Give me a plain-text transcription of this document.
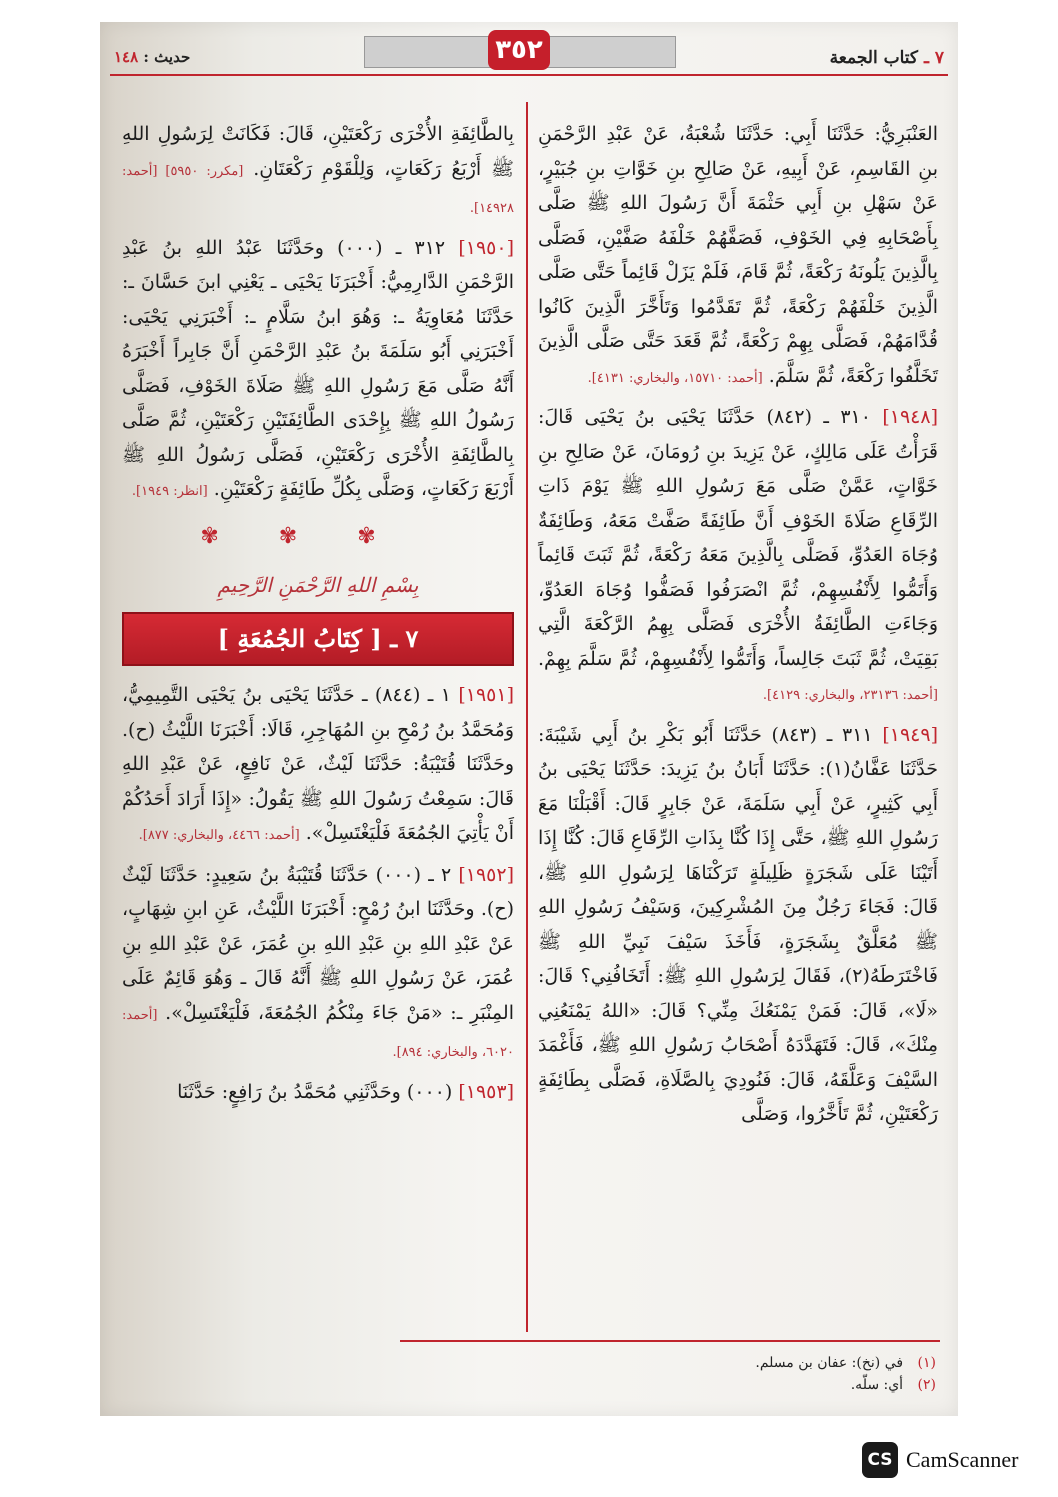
حديث : ١٤٨	٣٥٢	٧ ـ كتاب الجمعة

العَنْبَرِيُّ: حَدَّثَنَا أَبِي: حَدَّثَنَا شُعْبَةُ، عَنْ عَبْدِ الرَّحْمَنِ بنِ القَاسِمِ، عَنْ أَبِيهِ، عَنْ صَالِحِ بنِ خَوَّاتِ بنِ جُبَيْرٍ، عَنْ سَهْلِ بنِ أَبِي حَثْمَةَ أَنَّ رَسُولَ اللهِ ﷺ صَلَّى بِأَصْحَابِهِ فِي الخَوْفِ، فَصَفَّهُمْ خَلْفَهُ صَفَّيْنِ، فَصَلَّى بِالَّذِينَ يَلُونَهُ رَكْعَةً، ثُمَّ قَامَ، فَلَمْ يَزَلْ قَائِماً حَتَّى صَلَّى الَّذِينَ خَلْفَهُمْ رَكْعَةً، ثُمَّ تَقَدَّمُوا وَتَأَخَّرَ الَّذِينَ كَانُوا قُدَّامَهُمْ، فَصَلَّى بِهِمْ رَكْعَةً، ثُمَّ قَعَدَ حَتَّى صَلَّى الَّذِينَ تَخَلَّفُوا رَكْعَةً، ثُمَّ سَلَّمَ. [أحمد: ١٥٧١٠، والبخاري: ٤١٣١].

[١٩٤٨] ٣١٠ ـ (٨٤٢) حَدَّثَنَا يَحْيَى بنُ يَحْيَى قَالَ: قَرَأْتُ عَلَى مَالِكٍ، عَنْ يَزِيدَ بنِ رُومَانَ، عَنْ صَالِحِ بنِ خَوَّاتٍ، عَمَّنْ صَلَّى مَعَ رَسُولِ اللهِ ﷺ يَوْمَ ذَاتِ الرِّقَاعِ صَلَاةَ الخَوْفِ أَنَّ طَائِفَةً صَفَّتْ مَعَهُ، وَطَائِفَةٌ وُجَاهَ العَدُوِّ، فَصَلَّى بِالَّذِينَ مَعَهُ رَكْعَةً، ثُمَّ ثَبَتَ قَائِماً وَأَتَمُّوا لِأَنْفُسِهِمْ، ثُمَّ انْصَرَفُوا فَصَفُّوا وُجَاهَ العَدُوِّ، وَجَاءَتِ الطَّائِفَةُ الأُخْرَى فَصَلَّى بِهِمُ الرَّكْعَةَ الَّتِي بَقِيَتْ، ثُمَّ ثَبَتَ جَالِساً، وَأَتَمُّوا لِأَنْفُسِهِمْ، ثُمَّ سَلَّمَ بِهِمْ. [أحمد: ٢٣١٣٦، والبخاري: ٤١٢٩].

[١٩٤٩] ٣١١ ـ (٨٤٣) حَدَّثَنَا أَبُو بَكْرِ بنُ أَبِي شَيْبَةَ: حَدَّثَنَا عَفَّانُ(١): حَدَّثَنَا أَبَانُ بنُ يَزِيدَ: حَدَّثَنَا يَحْيَى بنُ أَبِي كَثِيرٍ، عَنْ أَبِي سَلَمَةَ، عَنْ جَابِرٍ قَالَ: أَقْبَلْنَا مَعَ رَسُولِ اللهِ ﷺ، حَتَّى إِذَا كُنَّا بِذَاتِ الرِّقَاعِ قَالَ: كُنَّا إِذَا أَتَيْنَا عَلَى شَجَرَةٍ ظَلِيلَةٍ تَرَكْنَاهَا لِرَسُولِ اللهِ ﷺ، قَالَ: فَجَاءَ رَجُلٌ مِنَ المُشْرِكِينَ، وَسَيْفُ رَسُولِ اللهِ ﷺ مُعَلَّقٌ بِشَجَرَةٍ، فَأَخَذَ سَيْفَ نَبِيِّ اللهِ ﷺ فَاخْتَرَطَهُ(٢)، فَقَالَ لِرَسُولِ اللهِ ﷺ: أَتَخَافُنِي؟ قَالَ: «لَا»، قَالَ: فَمَنْ يَمْنَعُكَ مِنِّي؟ قَالَ: «اللهُ يَمْنَعُنِي مِنْكَ»، قَالَ: فَتَهَدَّدَهُ أَصْحَابُ رَسُولِ اللهِ ﷺ، فَأَغْمَدَ السَّيْفَ وَعَلَّقَهُ، قَالَ: فَنُودِيَ بِالصَّلَاةِ، فَصَلَّى بِطَائِفَةٍ رَكْعَتَيْنِ، ثُمَّ تَأَخَّرُوا، وَصَلَّى

بِالطَّائِفَةِ الأُخْرَى رَكْعَتَيْنِ، قَالَ: فَكَانَتْ لِرَسُولِ اللهِ ﷺ أَرْبَعُ رَكَعَاتٍ، وَلِلْقَوْمِ رَكْعَتَانِ. [مكرر: ٥٩٥٠] [أحمد: ١٤٩٢٨].

[١٩٥٠] ٣١٢ ـ (٠٠٠) وحَدَّثَنَا عَبْدُ اللهِ بنُ عَبْدِ الرَّحْمَنِ الدَّارِمِيُّ: أَخْبَرَنَا يَحْيَى ـ يَعْنِي ابنَ حَسَّانَ ـ: حَدَّثَنَا مُعَاوِيَةُ ـ: وَهُوَ ابنُ سَلَّامٍ ـ: أَخْبَرَنِي يَحْيَى: أَخْبَرَنِي أَبُو سَلَمَةَ بنُ عَبْدِ الرَّحْمَنِ أَنَّ جَابِراً أَخْبَرَهُ أَنَّهُ صَلَّى مَعَ رَسُولِ اللهِ ﷺ صَلَاةَ الخَوْفِ، فَصَلَّى رَسُولُ اللهِ ﷺ بِإِحْدَى الطَّائِفَتَيْنِ رَكْعَتَيْنِ، ثُمَّ صَلَّى بِالطَّائِفَةِ الأُخْرَى رَكْعَتَيْنِ، فَصَلَّى رَسُولُ اللهِ ﷺ أَرْبَعَ رَكَعَاتٍ، وَصَلَّى بِكُلِّ طَائِفَةٍ رَكْعَتَيْنِ. [انظر: ١٩٤٩].

✾✾✾
بِسْمِ اللهِ الرَّحْمَنِ الرَّحِيمِ
٧ ـ [ كِتَابُ الجُمُعَةِ ]

[١٩٥١] ١ ـ (٨٤٤) ـ حَدَّثَنَا يَحْيَى بنُ يَحْيَى التَّمِيمِيُّ، وَمُحَمَّدُ بنُ رُمْحِ بنِ المُهَاجِرِ، قَالَا: أَخْبَرَنَا اللَّيْثُ (ح). وحَدَّثَنَا قُتَيْبَةُ: حَدَّثَنَا لَيْثٌ، عَنْ نَافِعٍ، عَنْ عَبْدِ اللهِ قَالَ: سَمِعْتُ رَسُولَ اللهِ ﷺ يَقُولُ: «إِذَا أَرَادَ أَحَدُكُمْ أَنْ يَأْتِيَ الجُمُعَةَ فَلْيَغْتَسِلْ». [أحمد: ٤٤٦٦، والبخاري: ٨٧٧].

[١٩٥٢] ٢ ـ (٠٠٠) حَدَّثَنَا قُتَيْبَةُ بنُ سَعِيدٍ: حَدَّثَنَا لَيْثٌ (ح). وحَدَّثَنَا ابنُ رُمْحٍ: أَخْبَرَنَا اللَّيْثُ، عَنِ ابنِ شِهَابٍ، عَنْ عَبْدِ اللهِ بنِ عَبْدِ اللهِ بنِ عُمَرَ، عَنْ عَبْدِ اللهِ بنِ عُمَرَ، عَنْ رَسُولِ اللهِ ﷺ أَنَّهُ قَالَ ـ وَهُوَ قَائِمٌ عَلَى المِنْبَرِ ـ: «مَنْ جَاءَ مِنْكُمُ الجُمُعَةَ، فَلْيَغْتَسِلْ». [أحمد: ٦٠٢٠، والبخاري: ٨٩٤].

[١٩٥٣] (٠٠٠) وحَدَّثَنِي مُحَمَّدُ بنُ رَافِعٍ: حَدَّثَنَا

(١) في (نخ): عفان بن مسلم.
(٢) أي: سلّه.
CS CamScanner
